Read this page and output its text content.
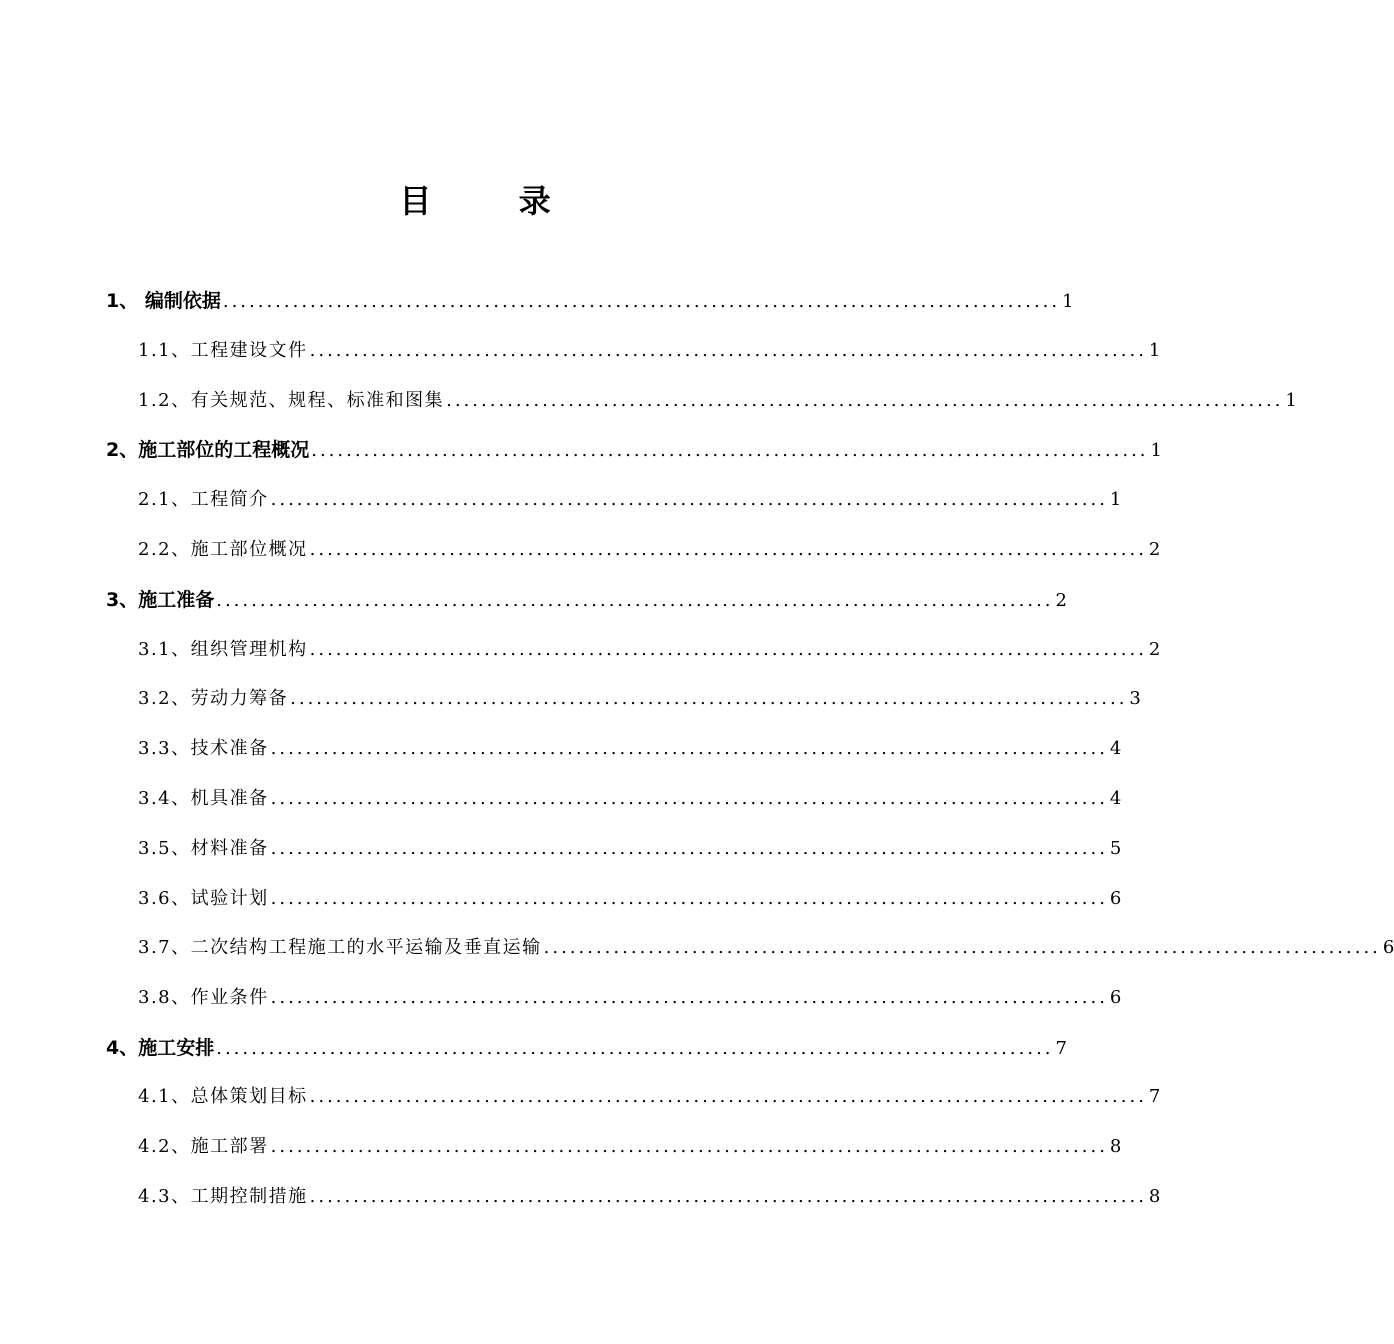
目 录
1、 编制依据 ................................................................................................ 1
1.1、工程建设文件 ................................................................................................ 1
1.2、有关规范、规程、标准和图集 ................................................................................................ 1
2、施工部位的工程概况 ................................................................................................ 1
2.1、工程简介 ................................................................................................ 1
2.2、施工部位概况 ................................................................................................ 2
3、施工准备 ................................................................................................ 2
3.1、组织管理机构 ................................................................................................ 2
3.2、劳动力筹备 ................................................................................................ 3
3.3、技术准备 ................................................................................................ 4
3.4、机具准备 ................................................................................................ 4
3.5、材料准备 ................................................................................................ 5
3.6、试验计划 ................................................................................................ 6
3.7、二次结构工程施工的水平运输及垂直运输 ................................................................................................ 6
3.8、作业条件 ................................................................................................ 6
4、施工安排 ................................................................................................ 7
4.1、总体策划目标 ................................................................................................ 7
4.2、施工部署 ................................................................................................ 8
4.3、工期控制措施 ................................................................................................ 8
